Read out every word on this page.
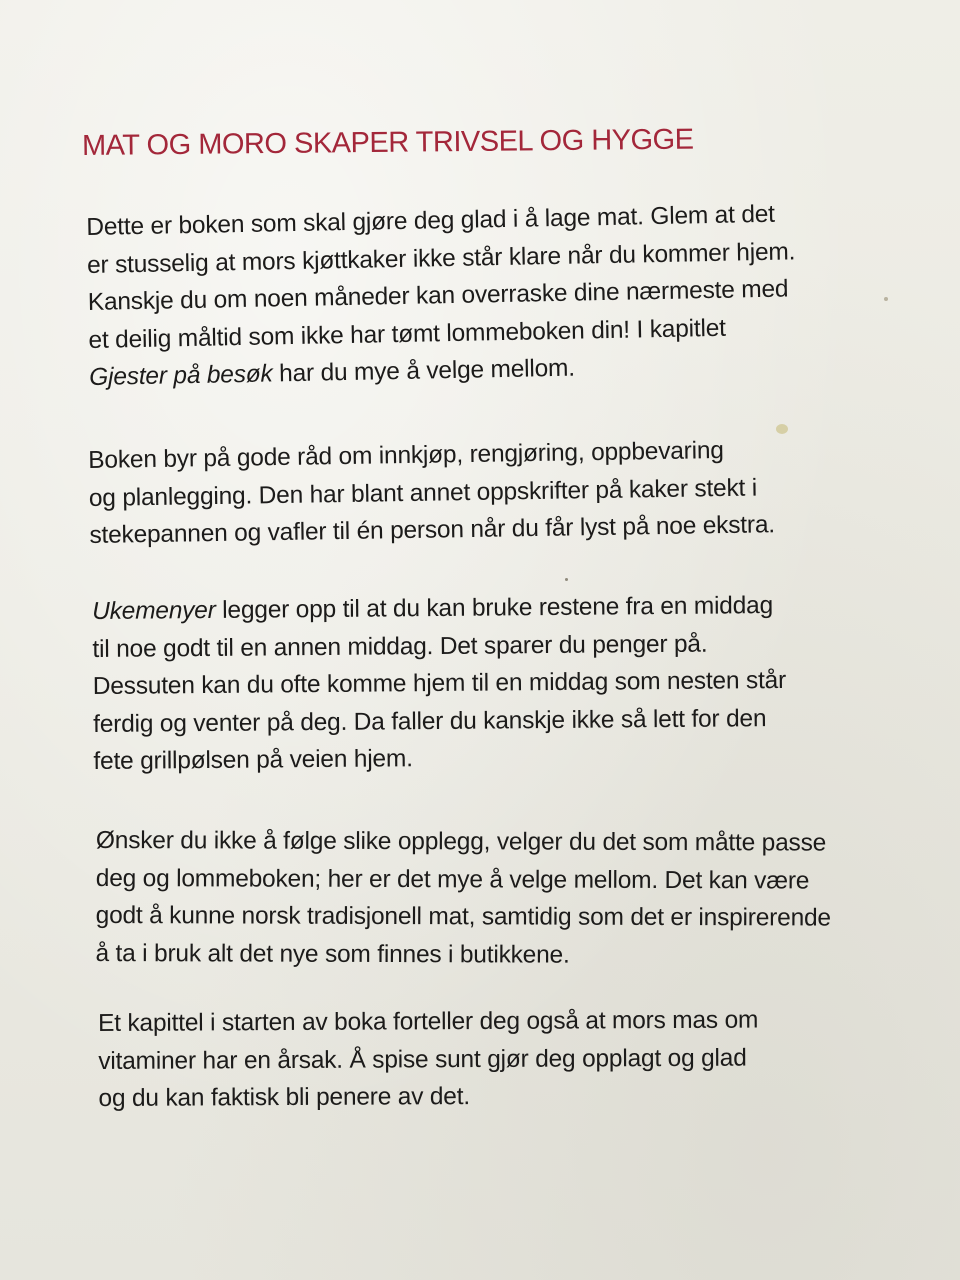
MAT OG MORO SKAPER TRIVSEL OG HYGGE

Dette er boken som skal gjøre deg glad i å lage mat. Glem at det
er stusselig at mors kjøttkaker ikke står klare når du kommer hjem.
Kanskje du om noen måneder kan overraske dine nærmeste med
et deilig måltid som ikke har tømt lommeboken din! I kapitlet
Gjester på besøk har du mye å velge mellom.

Boken byr på gode råd om innkjøp, rengjøring, oppbevaring
og planlegging. Den har blant annet oppskrifter på kaker stekt i
stekepannen og vafler til én person når du får lyst på noe ekstra.

Ukemenyer legger opp til at du kan bruke restene fra en middag
til noe godt til en annen middag. Det sparer du penger på.
Dessuten kan du ofte komme hjem til en middag som nesten står
ferdig og venter på deg. Da faller du kanskje ikke så lett for den
fete grillpølsen på veien hjem.

Ønsker du ikke å følge slike opplegg, velger du det som måtte passe
deg og lommeboken; her er det mye å velge mellom. Det kan være
godt å kunne norsk tradisjonell mat, samtidig som det er inspirerende
å ta i bruk alt det nye som finnes i butikkene.

Et kapittel i starten av boka forteller deg også at mors mas om
vitaminer har en årsak. Å spise sunt gjør deg opplagt og glad
og du kan faktisk bli penere av det.
